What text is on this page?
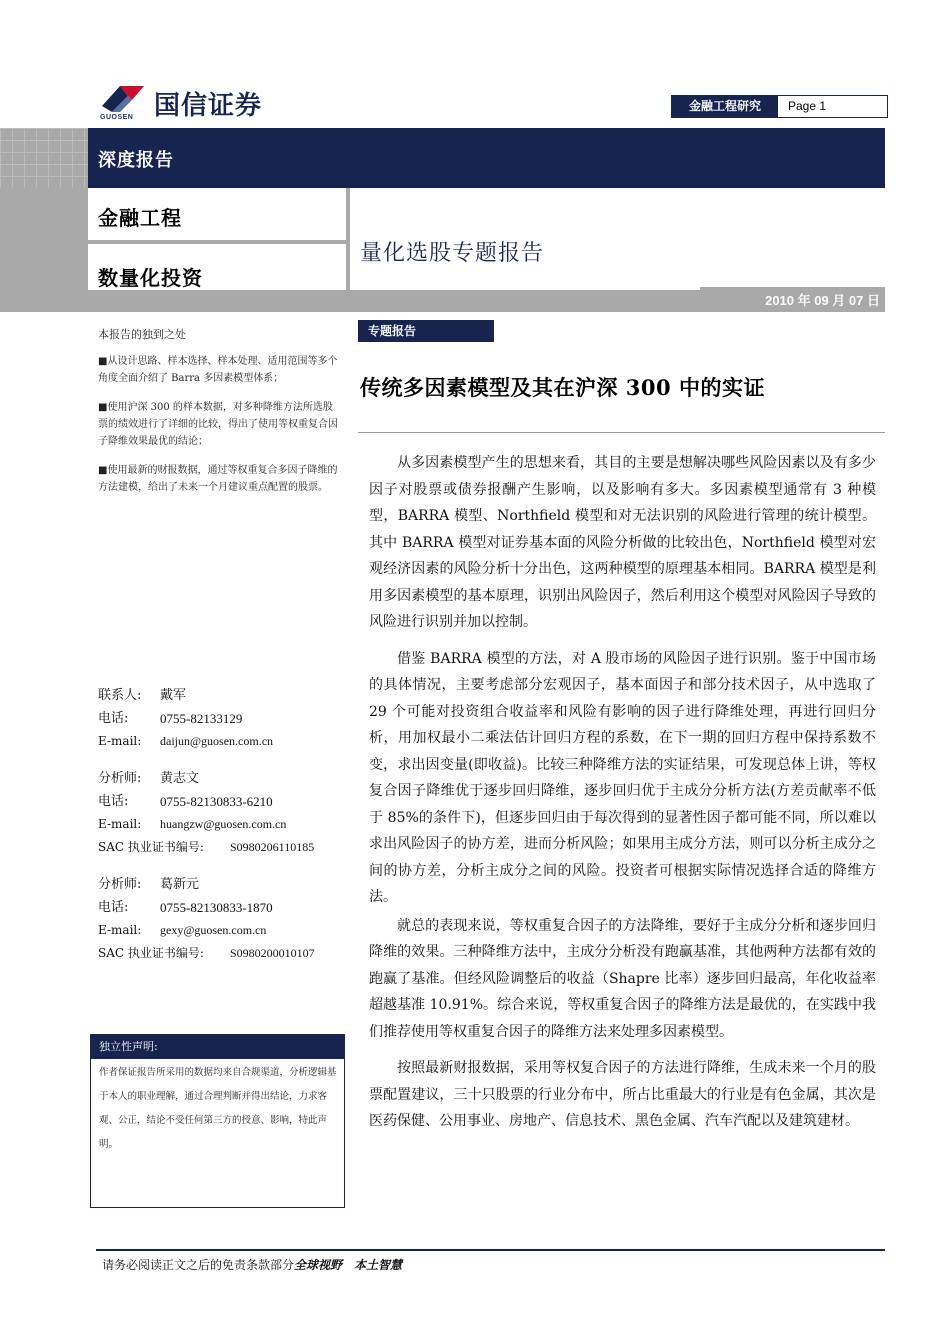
GUOSEN 国信证券	金融工程研究	Page 1
深度报告
金融工程
数量化投资
量化选股专题报告
2010 年 09 月 07 日
本报告的独到之处

■从设计思路、样本选择、样本处理、适用范围等多个角度全面介绍了 Barra 多因素模型体系；

■使用沪深 300 的样本数据，对多种降维方法所选股票的绩效进行了详细的比较，得出了使用等权重复合因子降维效果最优的结论；

■使用最新的财报数据，通过等权重复合多因子降维的方法建模，给出了未来一个月建议重点配置的股票。

联系人:	戴军
电话:	0755-82133129
E-mail:	daijun@guosen.com.cn
分析师:	黄志文
电话:	0755-82130833-6210
E-mail:	huangzw@guosen.com.cn
SAC 执业证书编号:	S0980206110185
分析师:	葛新元
电话:	0755-82130833-1870
E-mail:	gexy@guosen.com.cn
SAC 执业证书编号:	S0980200010107
独立性声明:
作者保证报告所采用的数据均来自合规渠道，分析逻辑基于本人的职业理解，通过合理判断并得出结论，力求客观、公正，结论不受任何第三方的授意、影响，特此声明。
专题报告
传统多因素模型及其在沪深 300 中的实证

从多因素模型产生的思想来看，其目的主要是想解决哪些风险因素以及有多少因子对股票或债券报酬产生影响，以及影响有多大。多因素模型通常有 3 种模型，BARRA 模型、Northfield 模型和对无法识别的风险进行管理的统计模型。其中 BARRA 模型对证券基本面的风险分析做的比较出色，Northfield 模型对宏观经济因素的风险分析十分出色，这两种模型的原理基本相同。BARRA 模型是利用多因素模型的基本原理，识别出风险因子，然后利用这个模型对风险因子导致的风险进行识别并加以控制。

借鉴 BARRA 模型的方法，对 A 股市场的风险因子进行识别。鉴于中国市场的具体情况，主要考虑部分宏观因子，基本面因子和部分技术因子，从中选取了 29 个可能对投资组合收益率和风险有影响的因子进行降维处理，再进行回归分析，用加权最小二乘法估计回归方程的系数，在下一期的回归方程中保持系数不变，求出因变量(即收益)。比较三种降维方法的实证结果，可发现总体上讲，等权复合因子降维优于逐步回归降维，逐步回归优于主成分分析方法(方差贡献率不低于 85%的条件下)，但逐步回归由于每次得到的显著性因子都可能不同，所以难以求出风险因子的协方差，进而分析风险；如果用主成分方法，则可以分析主成分之间的协方差，分析主成分之间的风险。投资者可根据实际情况选择合适的降维方法。

就总的表现来说，等权重复合因子的方法降维，要好于主成分分析和逐步回归降维的效果。三种降维方法中，主成分分析没有跑赢基准，其他两种方法都有效的跑赢了基准。但经风险调整后的收益（Shapre 比率）逐步回归最高，年化收益率超越基准 10.91%。综合来说，等权重复合因子的降维方法是最优的，在实践中我们推荐使用等权重复合因子的降维方法来处理多因素模型。

按照最新财报数据，采用等权复合因子的方法进行降维，生成未来一个月的股票配置建议，三十只股票的行业分布中，所占比重最大的行业是有色金属，其次是医药保健、公用事业、房地产、信息技术、黑色金属、汽车汽配以及建筑建材。

请务必阅读正文之后的免责条款部分全球视野　本土智慧
